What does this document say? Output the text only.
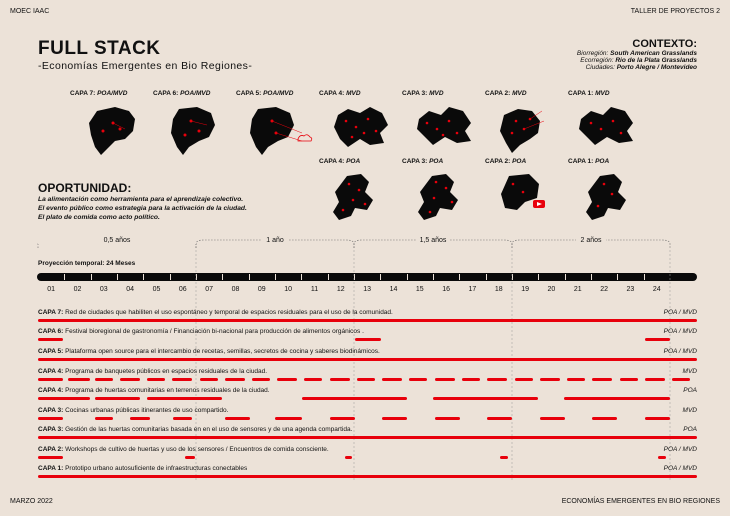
MOEC IAAC	TALLER DE PROYECTOS 2
FULL STACK
-Economías Emergentes en Bio Regiones-
CONTEXTO:
Biorregión: South American Grasslands
Ecorregión: Rio de la Plata Grasslands
Ciudades: Porto Alegre / Montevideo
CAPA 7: POA/MVD	CAPA 6: POA/MVD	CAPA 5: POA/MVD	CAPA 4: MVD	CAPA 3: MVD	CAPA 2: MVD	CAPA 1: MVD
CAPA 4: POA	CAPA 3: POA	CAPA 2: POA	CAPA 1: POA
OPORTUNIDAD:
La alimentación como herramienta para el aprendizaje colectivo.
El evento público como estrategia para la activación de la ciudad.
El plato de comida como acto político.
0,5 años	1 año	1,5 años	2 años
Proyección temporal: 24 Meses
01	02	03	04	05	06	07	08	09	10	11	12	13	14	15	16	17	18	19	20	21	22	23	24
CAPA 7: Red de ciudades que habiliten el uso espontáneo y temporal de espacios residuales para el uso de la comunidad.	POA / MVD
CAPA 6: Festival bioregional de gastronomía / Financiación bi-nacional para producción de alimentos orgánicos .	POA / MVD
CAPA 5: Plataforma open source para el intercambio de recetas, semillas, secretos de cocina y saberes biodinámicos.	POA / MVD
CAPA 4: Programa de banquetes públicos en espacios residuales de la ciudad.	MVD
CAPA 4: Programa de huertas comunitarias en terrenos residuales de la ciudad.	POA
CAPA 3: Cocinas urbanas públicas itinerantes de uso compartido.	MVD
CAPA 3: Gestión de las huertas comunitarias basada en en el uso de sensores y de una agenda compartida.	POA
CAPA 2: Workshops de cultivo de huertas y uso de los sensores / Encuentros de comida consciente.	POA / MVD
CAPA 1: Prototipo urbano autosuficiente de infraestructuras conectables	POA / MVD
MARZO 2022	ECONOMÍAS EMERGENTES EN BIO REGIONES
